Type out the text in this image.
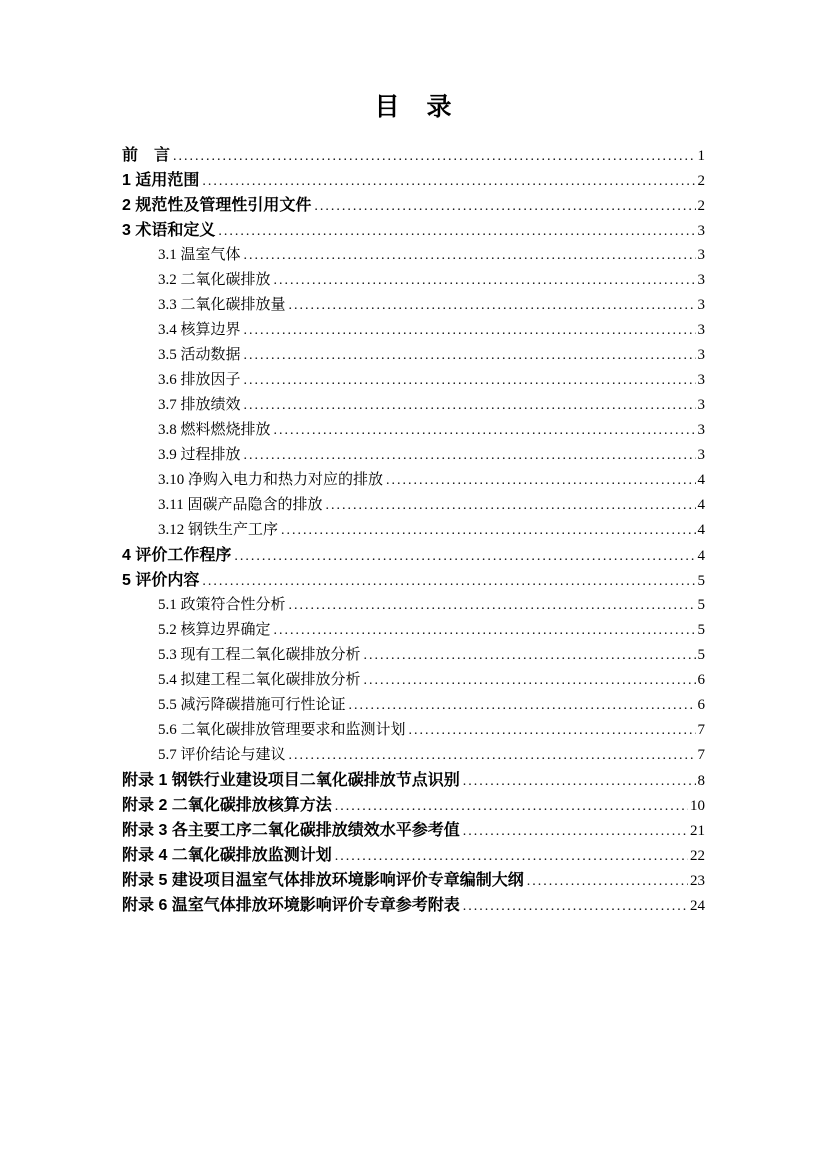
目　录
前　言 .....	1
1 适用范围 .....	2
2 规范性及管理性引用文件 .....	2
3 术语和定义 .....	3
3.1 温室气体 .....	3
3.2 二氧化碳排放 .....	3
3.3 二氧化碳排放量 .....	3
3.4 核算边界 .....	3
3.5 活动数据 .....	3
3.6 排放因子 .....	3
3.7 排放绩效 .....	3
3.8 燃料燃烧排放 .....	3
3.9 过程排放 .....	3
3.10 净购入电力和热力对应的排放 .....	4
3.11 固碳产品隐含的排放 .....	4
3.12 钢铁生产工序 .....	4
4 评价工作程序 .....	4
5 评价内容 .....	5
5.1 政策符合性分析 .....	5
5.2 核算边界确定 .....	5
5.3 现有工程二氧化碳排放分析 .....	5
5.4 拟建工程二氧化碳排放分析 .....	6
5.5 减污降碳措施可行性论证 .....	6
5.6 二氧化碳排放管理要求和监测计划 .....	7
5.7 评价结论与建议 .....	7
附录 1 钢铁行业建设项目二氧化碳排放节点识别 .....	8
附录 2 二氧化碳排放核算方法 .....	10
附录 3 各主要工序二氧化碳排放绩效水平参考值 .....	21
附录 4 二氧化碳排放监测计划 .....	22
附录 5 建设项目温室气体排放环境影响评价专章编制大纲 .....	23
附录 6 温室气体排放环境影响评价专章参考附表 .....	24
